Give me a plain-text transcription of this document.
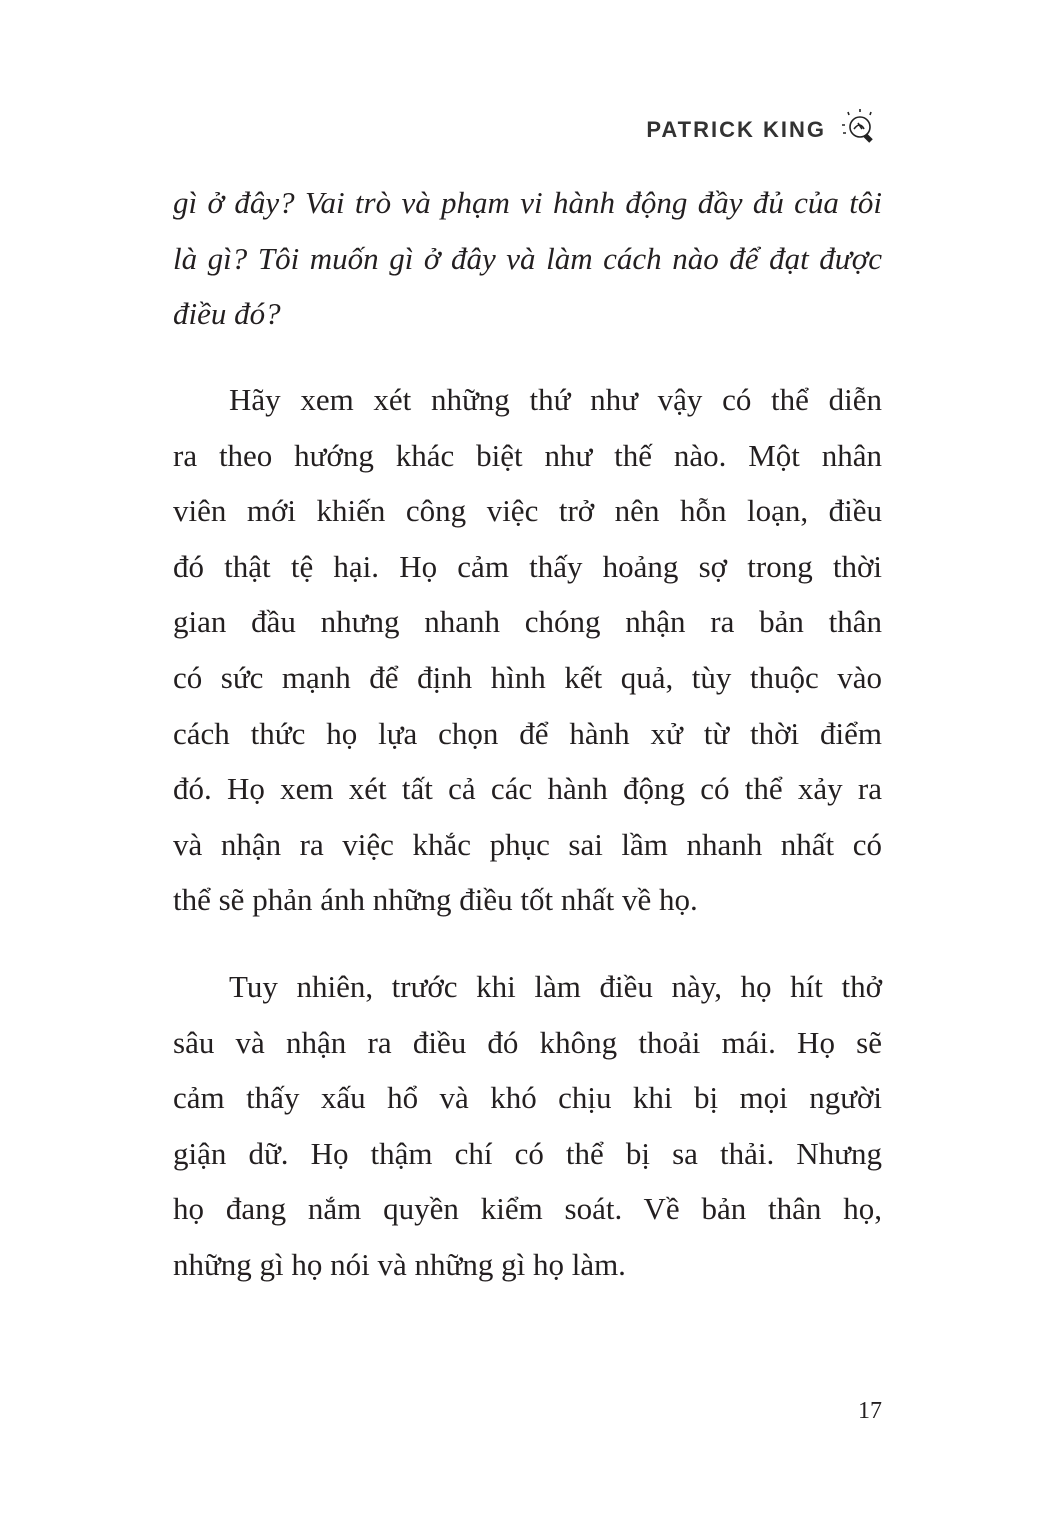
PATRICK KING
gì ở đây? Vai trò và phạm vi hành động đầy đủ của tôi
là gì? Tôi muốn gì ở đây và làm cách nào để đạt được
điều đó?
Hãy xem xét những thứ như vậy có thể diễn
ra theo hướng khác biệt như thế nào. Một nhân
viên mới khiến công việc trở nên hỗn loạn, điều
đó thật tệ hại. Họ cảm thấy hoảng sợ trong thời
gian đầu nhưng nhanh chóng nhận ra bản thân
có sức mạnh để định hình kết quả, tùy thuộc vào
cách thức họ lựa chọn để hành xử từ thời điểm
đó. Họ xem xét tất cả các hành động có thể xảy ra
và nhận ra việc khắc phục sai lầm nhanh nhất có
thể sẽ phản ánh những điều tốt nhất về họ.
Tuy nhiên, trước khi làm điều này, họ hít thở
sâu và nhận ra điều đó không thoải mái. Họ sẽ
cảm thấy xấu hổ và khó chịu khi bị mọi người
giận dữ. Họ thậm chí có thể bị sa thải. Nhưng
họ đang nắm quyền kiểm soát. Về bản thân họ,
những gì họ nói và những gì họ làm.
17
